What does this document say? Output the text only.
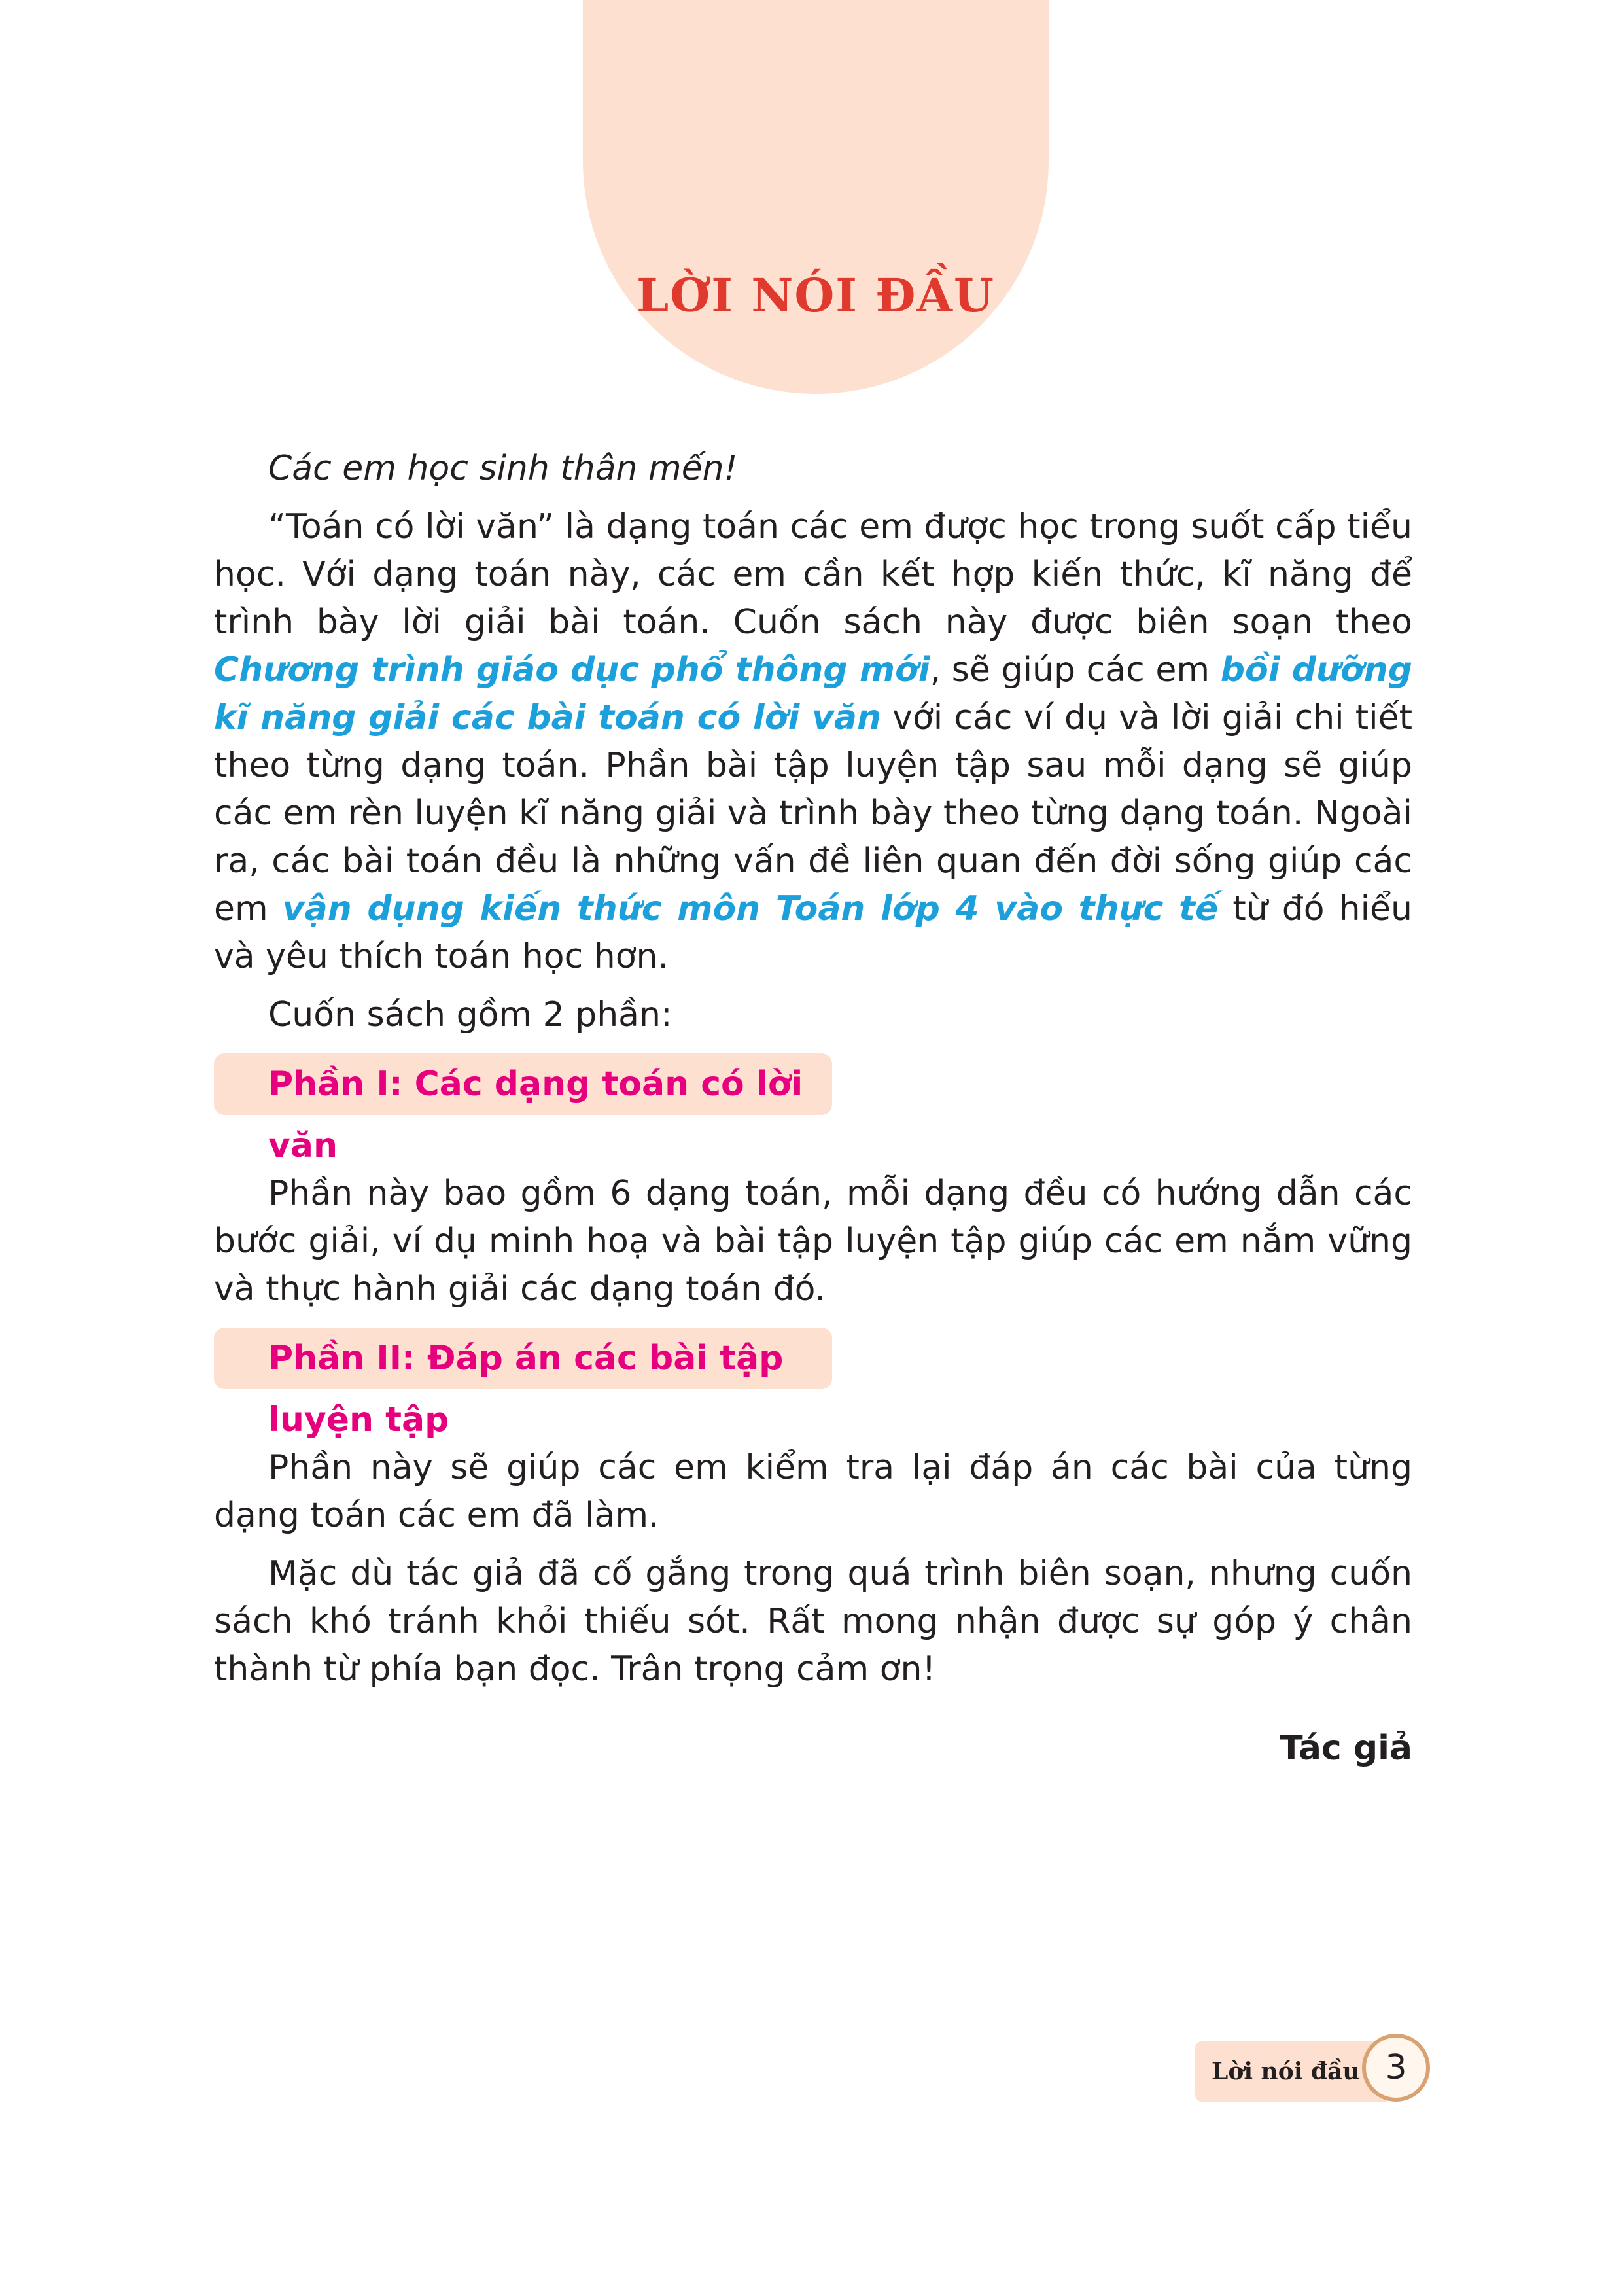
LỜI NÓI ĐẦU

Các em học sinh thân mến!

“Toán có lời văn” là dạng toán các em được học trong suốt cấp tiểu học. Với dạng toán này, các em cần kết hợp kiến thức, kĩ năng để trình bày lời giải bài toán. Cuốn sách này được biên soạn theo Chương trình giáo dục phổ thông mới, sẽ giúp các em bồi dưỡng kĩ năng giải các bài toán có lời văn với các ví dụ và lời giải chi tiết theo từng dạng toán. Phần bài tập luyện tập sau mỗi dạng sẽ giúp các em rèn luyện kĩ năng giải và trình bày theo từng dạng toán. Ngoài ra, các bài toán đều là những vấn đề liên quan đến đời sống giúp các em vận dụng kiến thức môn Toán lớp 4 vào thực tế từ đó hiểu và yêu thích toán học hơn.

Cuốn sách gồm 2 phần:

Phần I: Các dạng toán có lời văn

Phần này bao gồm 6 dạng toán, mỗi dạng đều có hướng dẫn các bước giải, ví dụ minh hoạ và bài tập luyện tập giúp các em nắm vững và thực hành giải các dạng toán đó.

Phần II: Đáp án các bài tập luyện tập

Phần này sẽ giúp các em kiểm tra lại đáp án các bài của từng dạng toán các em đã làm.

Mặc dù tác giả đã cố gắng trong quá trình biên soạn, nhưng cuốn sách khó tránh khỏi thiếu sót. Rất mong nhận được sự góp ý chân thành từ phía bạn đọc. Trân trọng cảm ơn!

Tác giả
Lời nói đầu 3
